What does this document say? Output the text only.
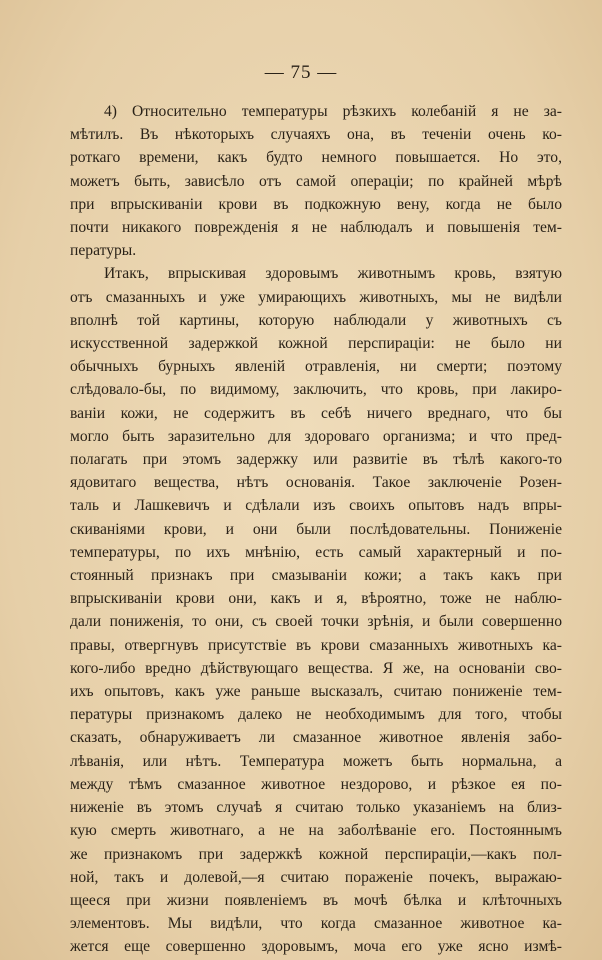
— 75 —
4) Относительно температуры рѣзкихъ колебаній я не за-
мѣтилъ. Въ нѣкоторыхъ случаяхъ она, въ теченіи очень ко-
роткаго времени, какъ будто немного повышается. Но это,
можетъ быть, зависѣло отъ самой операціи; по крайней мѣрѣ
при впрыскиваніи крови въ подкожную вену, когда не было
почти никакого поврежденія я не наблюдалъ и повышенія тем-
пературы.
Итакъ, впрыскивая здоровымъ животнымъ кровь, взятую
отъ смазанныхъ и уже умирающихъ животныхъ, мы не видѣли
вполнѣ той картины, которую наблюдали у животныхъ съ
искусственной задержкой кожной перспираціи: не было ни
обычныхъ бурныхъ явленій отравленія, ни смерти; поэтому
слѣдовало-бы, по видимому, заключить, что кровь, при лакиро-
ваніи кожи, не содержитъ въ себѣ ничего вреднаго, что бы
могло быть заразительно для здороваго организма; и что пред-
полагать при этомъ задержку или развитіе въ тѣлѣ какого-то
ядовитаго вещества, нѣтъ основанія. Такое заключеніе Розен-
таль и Лашкевичъ и сдѣлали изъ своихъ опытовъ надъ впры-
скиваніями крови, и они были послѣдовательны. Пониженіе
температуры, по ихъ мнѣнію, есть самый характерный и по-
стоянный признакъ при смазываніи кожи; а такъ какъ при
впрыскиваніи крови они, какъ и я, вѣроятно, тоже не наблю-
дали пониженія, то они, съ своей точки зрѣнія, и были совершенно
правы, отвергнувъ присутствіе въ крови смазанныхъ животныхъ ка-
кого-либо вредно дѣйствующаго вещества. Я же, на основаніи сво-
ихъ опытовъ, какъ уже раньше высказалъ, считаю пониженіе тем-
пературы признакомъ далеко не необходимымъ для того, чтобы
сказать, обнаруживаетъ ли смазанное животное явленія забо-
лѣванія, или нѣтъ. Температура можетъ быть нормальна, а
между тѣмъ смазанное животное нездорово, и рѣзкое ея по-
ниженіе въ этомъ случаѣ я считаю только указаніемъ на близ-
кую смерть животнаго, а не на заболѣваніе его. Постояннымъ
же признакомъ при задержкѣ кожной перспираціи,—какъ пол-
ной, такъ и долевой,—я считаю пораженіе почекъ, выражаю-
щееся при жизни появленіемъ въ мочѣ бѣлка и клѣточныхъ
элементовъ. Мы видѣли, что когда смазанное животное ка-
жется еще совершенно здоровымъ, моча его уже ясно измѣ-
